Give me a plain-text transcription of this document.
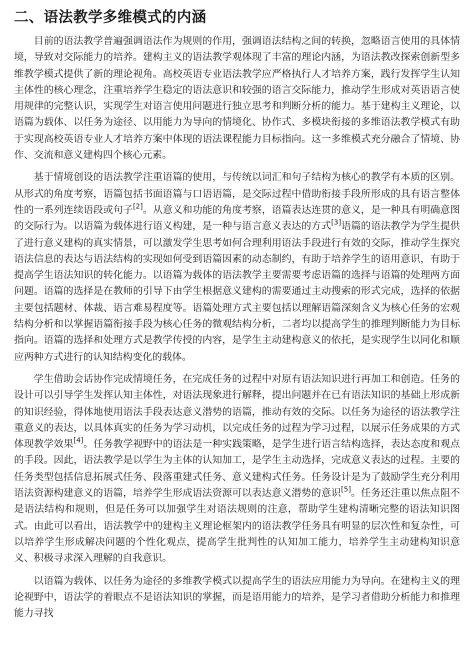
二、语法教学多维模式的内涵

目前的语法教学普遍强调语法作为规则的作用，强调语法结构之间的转换，忽略语言使用的具体情境，导致对交际能力的培养。建构主义的语法教学观体现了丰富的理论内涵，为语法教改探索创新型多维教学模式提供了新的理论视角。高校英语专业语法教学应严格执行人才培养方案，践行发挥学生认知主体性的核心理念，注重培养学生稳定的语法意识和较强的语言交际能力，推动学生形成对英语语言使用规律的完整认识，实现学生对语言使用问题进行独立思考和判断分析的能力。基于建构主义理论，以语篇为载体、以任务为途径、以用能力为导向的情境化、协作式、多模块衔接的多维语法教学模式有助于实现高校英语专业人才培养方案中体现的语法课程能力目标指向。这一多维模式充分融合了情境、协作、交流和意义建构四个核心元素。

基于情境创设的语法教学注重语篇的使用，与传统以词汇和句子结构为核心的教学有本质的区别。从形式的角度考察，语篇包括书面语篇与口语语篇，是交际过程中借助衔接手段所形成的具有语言整体性的一系列连续语段或句子[2]。从意义和功能的角度考察，语篇表达连贯的意义，是一种具有明确意图的交际行为。以语篇为载体进行语义构建，是一种与语言意义表达的方式[3]语篇的语法教学为学生提供了进行意义建构的真实情景，可以激发学生思考如何合理利用语法手段进行有效的交际，推动学生探究语法信息的表达与语法结构的实现如何受到语篇因素的动态制约，有助于培养学生的语用意识，有助于提高学生语法知识的转化能力。以语篇为载体的语法教学主要需要考虑语篇的选择与语篇的处理两方面问题。语篇的选择是在教师的引导下由学生根据意义建构的需要通过主动搜索的形式完成，选择的依据主要包括题材、体裁、语言难易程度等。语篇处理方式主要包括以理解语篇深刻含义为核心任务的宏观结构分析和以掌握语篇衔接手段为核心任务的微观结构分析，二者均以提高学生的推理判断能力为目标指向。语篇的选择和处理方式是教学传授的内容，是学生主动建构意义的依托，是实现学生以同化和顺应两种方式进行的认知结构变化的载体。

学生借助会话协作完成情境任务，在完成任务的过程中对原有语法知识进行再加工和创造。任务的设计可以引导学生发挥认知主体性，对语法现象进行解释，提出问题并在已有语法知识的基础上形成新的知识经验，得体地使用语法手段表达意义潜势的语篇，推动有效的交际。以任务为途径的语法教学注重意义的表达，以具体真实的任务为学习动机，以完成任务的过程为学习过程，以展示任务成果的方式体现教学效果[4]。任务教学视野中的语法是一种实践策略，是学生进行语言结构选择，表达态度和观点的手段。因此，语法教学是以学生为主体的认知加工，是学生主动选择，完成意义表达的过程。主要的任务类型包括信息拓展式任务、段落重建式任务、意义建构式任务。任务设计是为了鼓励学生充分利用语法资源构建意义的语篇，培养学生形成语法资源可以表达意义潜势的意识[5]。任务还注重以焦点阻不是语法结构和规则，但是任务可以加强学生对语法规则的注意，帮助学生建构清晰完整的语法知识图式。由此可以看出，语法教学中的建构主义理论框架内的语法教学任务具有明显的层次性和复杂性，可以培养学生形成解决问题的个性化观点，提高学生批判性的认知加工能力，培养学生主动建构知识意义、积极寻求深入理解的自我意识。

以语篇为载体、以任务为途径的多维教学模式以提高学生的语法应用能力为导向。在建构主义的理论视野中，语法学的着眼点不是语法知识的掌握，而是语用能力的培养，是学习者借助分析能力和推理能力寻找
